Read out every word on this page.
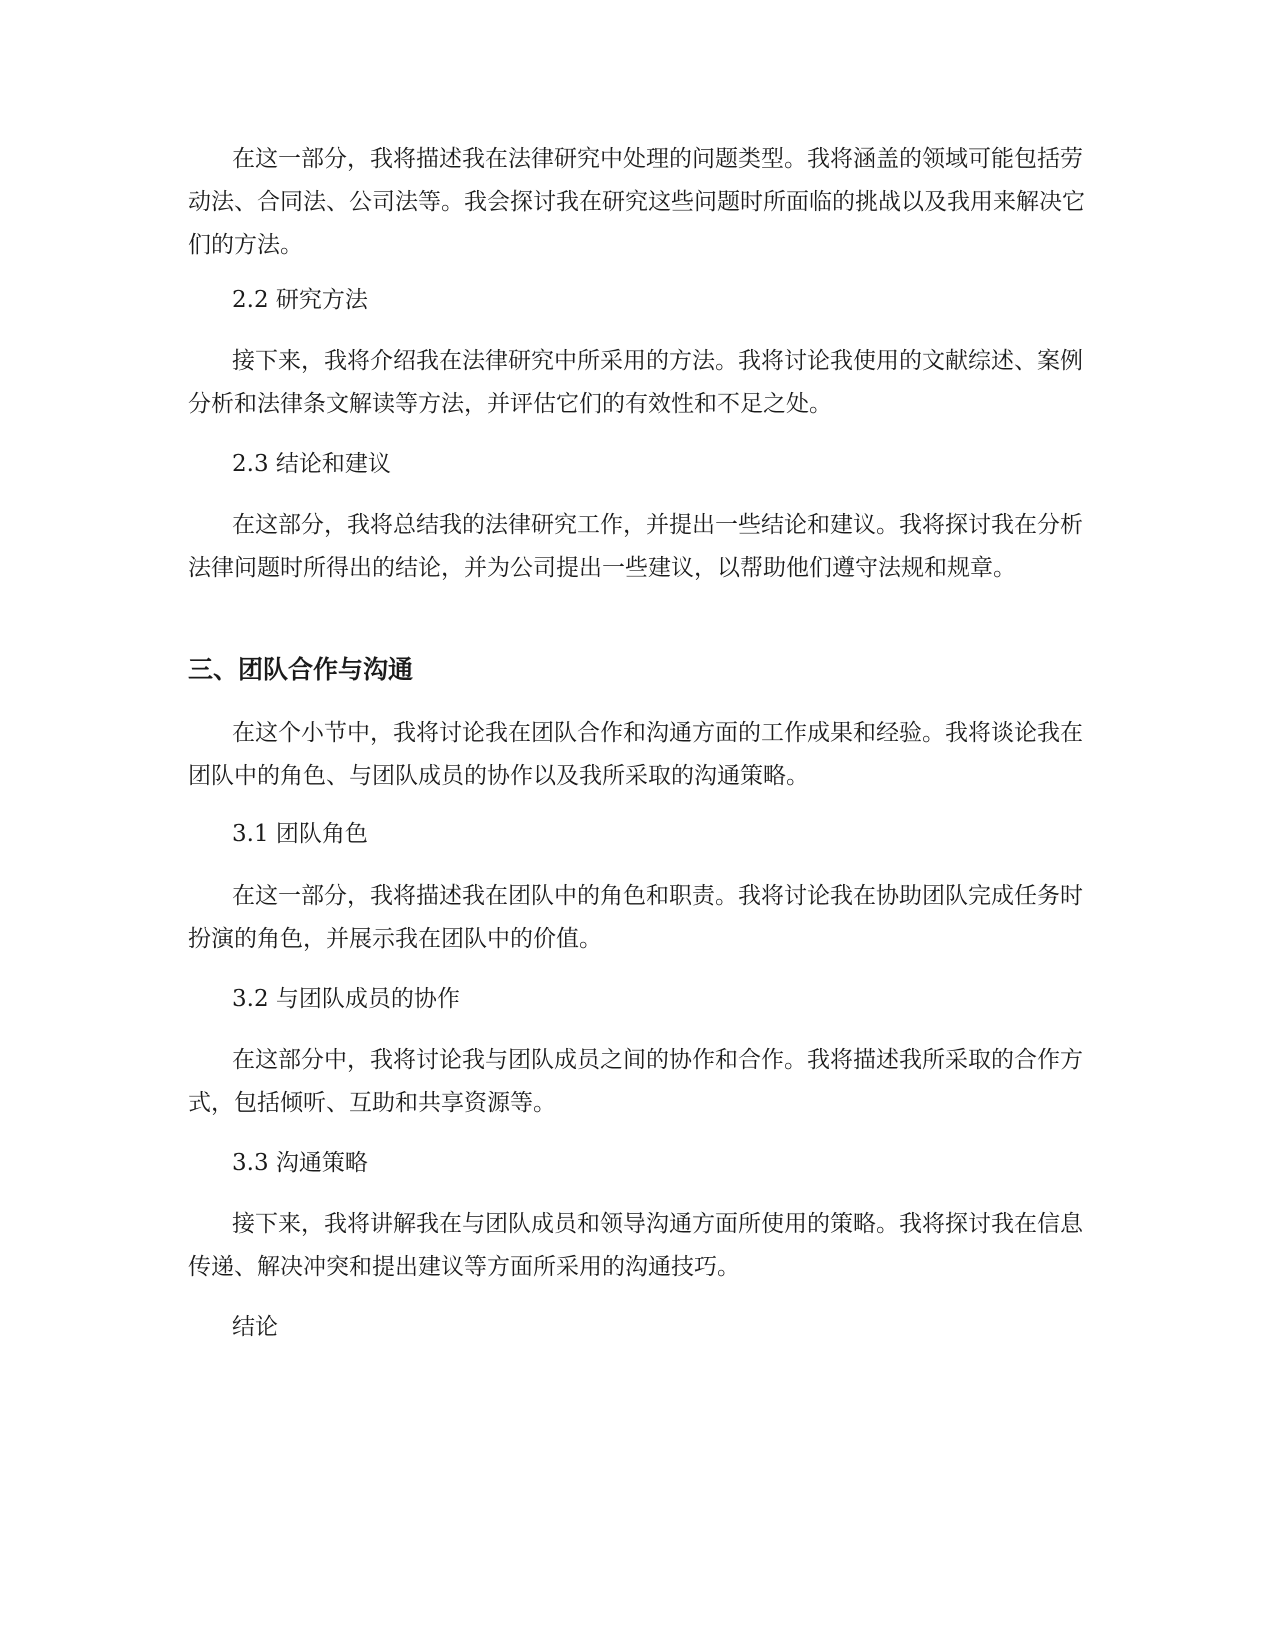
在这一部分，我将描述我在法律研究中处理的问题类型。我将涵盖的领域可能包括劳动法、合同法、公司法等。我会探讨我在研究这些问题时所面临的挑战以及我用来解决它们的方法。

2.2 研究方法

接下来，我将介绍我在法律研究中所采用的方法。我将讨论我使用的文献综述、案例分析和法律条文解读等方法，并评估它们的有效性和不足之处。

2.3 结论和建议

在这部分，我将总结我的法律研究工作，并提出一些结论和建议。我将探讨我在分析法律问题时所得出的结论，并为公司提出一些建议，以帮助他们遵守法规和规章。

三、团队合作与沟通

在这个小节中，我将讨论我在团队合作和沟通方面的工作成果和经验。我将谈论我在团队中的角色、与团队成员的协作以及我所采取的沟通策略。

3.1 团队角色

在这一部分，我将描述我在团队中的角色和职责。我将讨论我在协助团队完成任务时扮演的角色，并展示我在团队中的价值。

3.2 与团队成员的协作

在这部分中，我将讨论我与团队成员之间的协作和合作。我将描述我所采取的合作方式，包括倾听、互助和共享资源等。

3.3 沟通策略

接下来，我将讲解我在与团队成员和领导沟通方面所使用的策略。我将探讨我在信息传递、解决冲突和提出建议等方面所采用的沟通技巧。

结论
